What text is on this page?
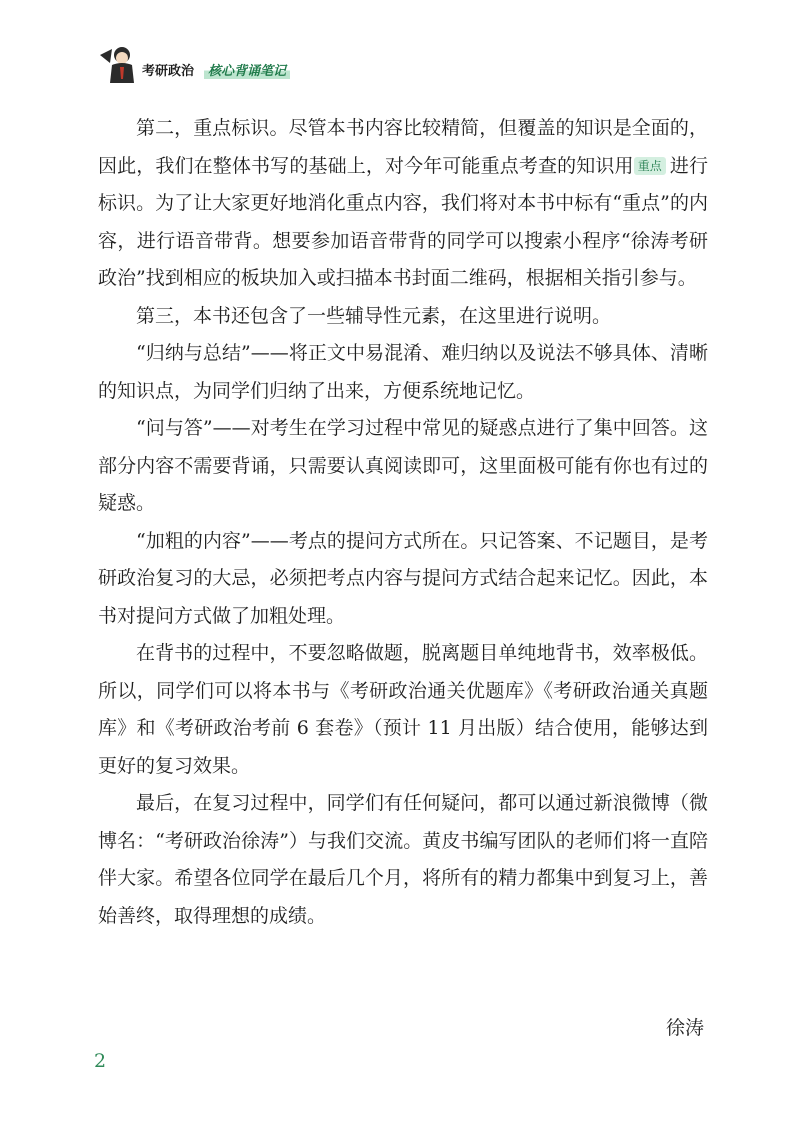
考研政治	核心背诵笔记

第二，重点标识。尽管本书内容比较精简，但覆盖的知识是全面的，因此，我们在整体书写的基础上，对今年可能重点考查的知识用 重点 进行标识。为了让大家更好地消化重点内容，我们将对本书中标有“重点”的内容，进行语音带背。想要参加语音带背的同学可以搜索小程序“徐涛考研政治”找到相应的板块加入或扫描本书封面二维码，根据相关指引参与。

第三，本书还包含了一些辅导性元素，在这里进行说明。

“归纳与总结”——将正文中易混淆、难归纳以及说法不够具体、清晰的知识点，为同学们归纳了出来，方便系统地记忆。

“问与答”——对考生在学习过程中常见的疑惑点进行了集中回答。这部分内容不需要背诵，只需要认真阅读即可，这里面极可能有你也有过的疑惑。

“加粗的内容”——考点的提问方式所在。只记答案、不记题目，是考研政治复习的大忌，必须把考点内容与提问方式结合起来记忆。因此，本书对提问方式做了加粗处理。

在背书的过程中，不要忽略做题，脱离题目单纯地背书，效率极低。所以，同学们可以将本书与《考研政治通关优题库》《考研政治通关真题库》和《考研政治考前 6 套卷》（预计 11 月出版）结合使用，能够达到更好的复习效果。

最后，在复习过程中，同学们有任何疑问，都可以通过新浪微博（微博名：“考研政治徐涛”）与我们交流。黄皮书编写团队的老师们将一直陪伴大家。希望各位同学在最后几个月，将所有的精力都集中到复习上，善始善终，取得理想的成绩。

徐涛
2
